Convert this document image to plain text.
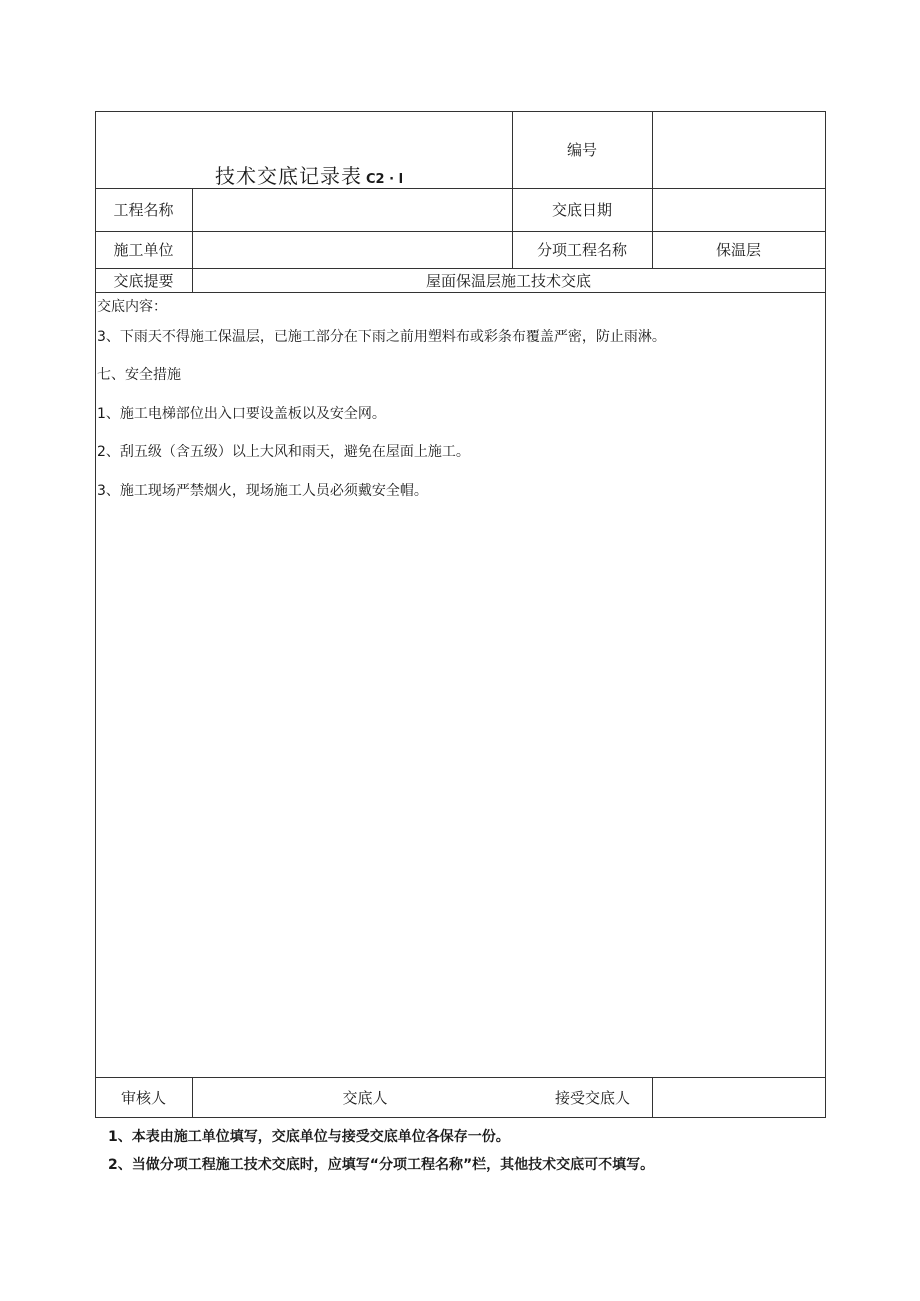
技术交底记录表 C2 · l
编号
工程名称	交底日期
施工单位	分项工程名称	保温层
交底提要	屋面保温层施工技术交底
交底内容：
3、下雨天不得施工保温层，已施工部分在下雨之前用塑料布或彩条布覆盖严密，防止雨淋。
七、安全措施
1、施工电梯部位出入口要设盖板以及安全网。
2、刮五级（含五级）以上大风和雨天，避免在屋面上施工。
3、施工现场严禁烟火，现场施工人员必须戴安全帽。
审核人	交底人	接受交底人
1、本表由施工单位填写，交底单位与接受交底单位各保存一份。
2、当做分项工程施工技术交底时，应填写“分项工程名称”栏，其他技术交底可不填写。
